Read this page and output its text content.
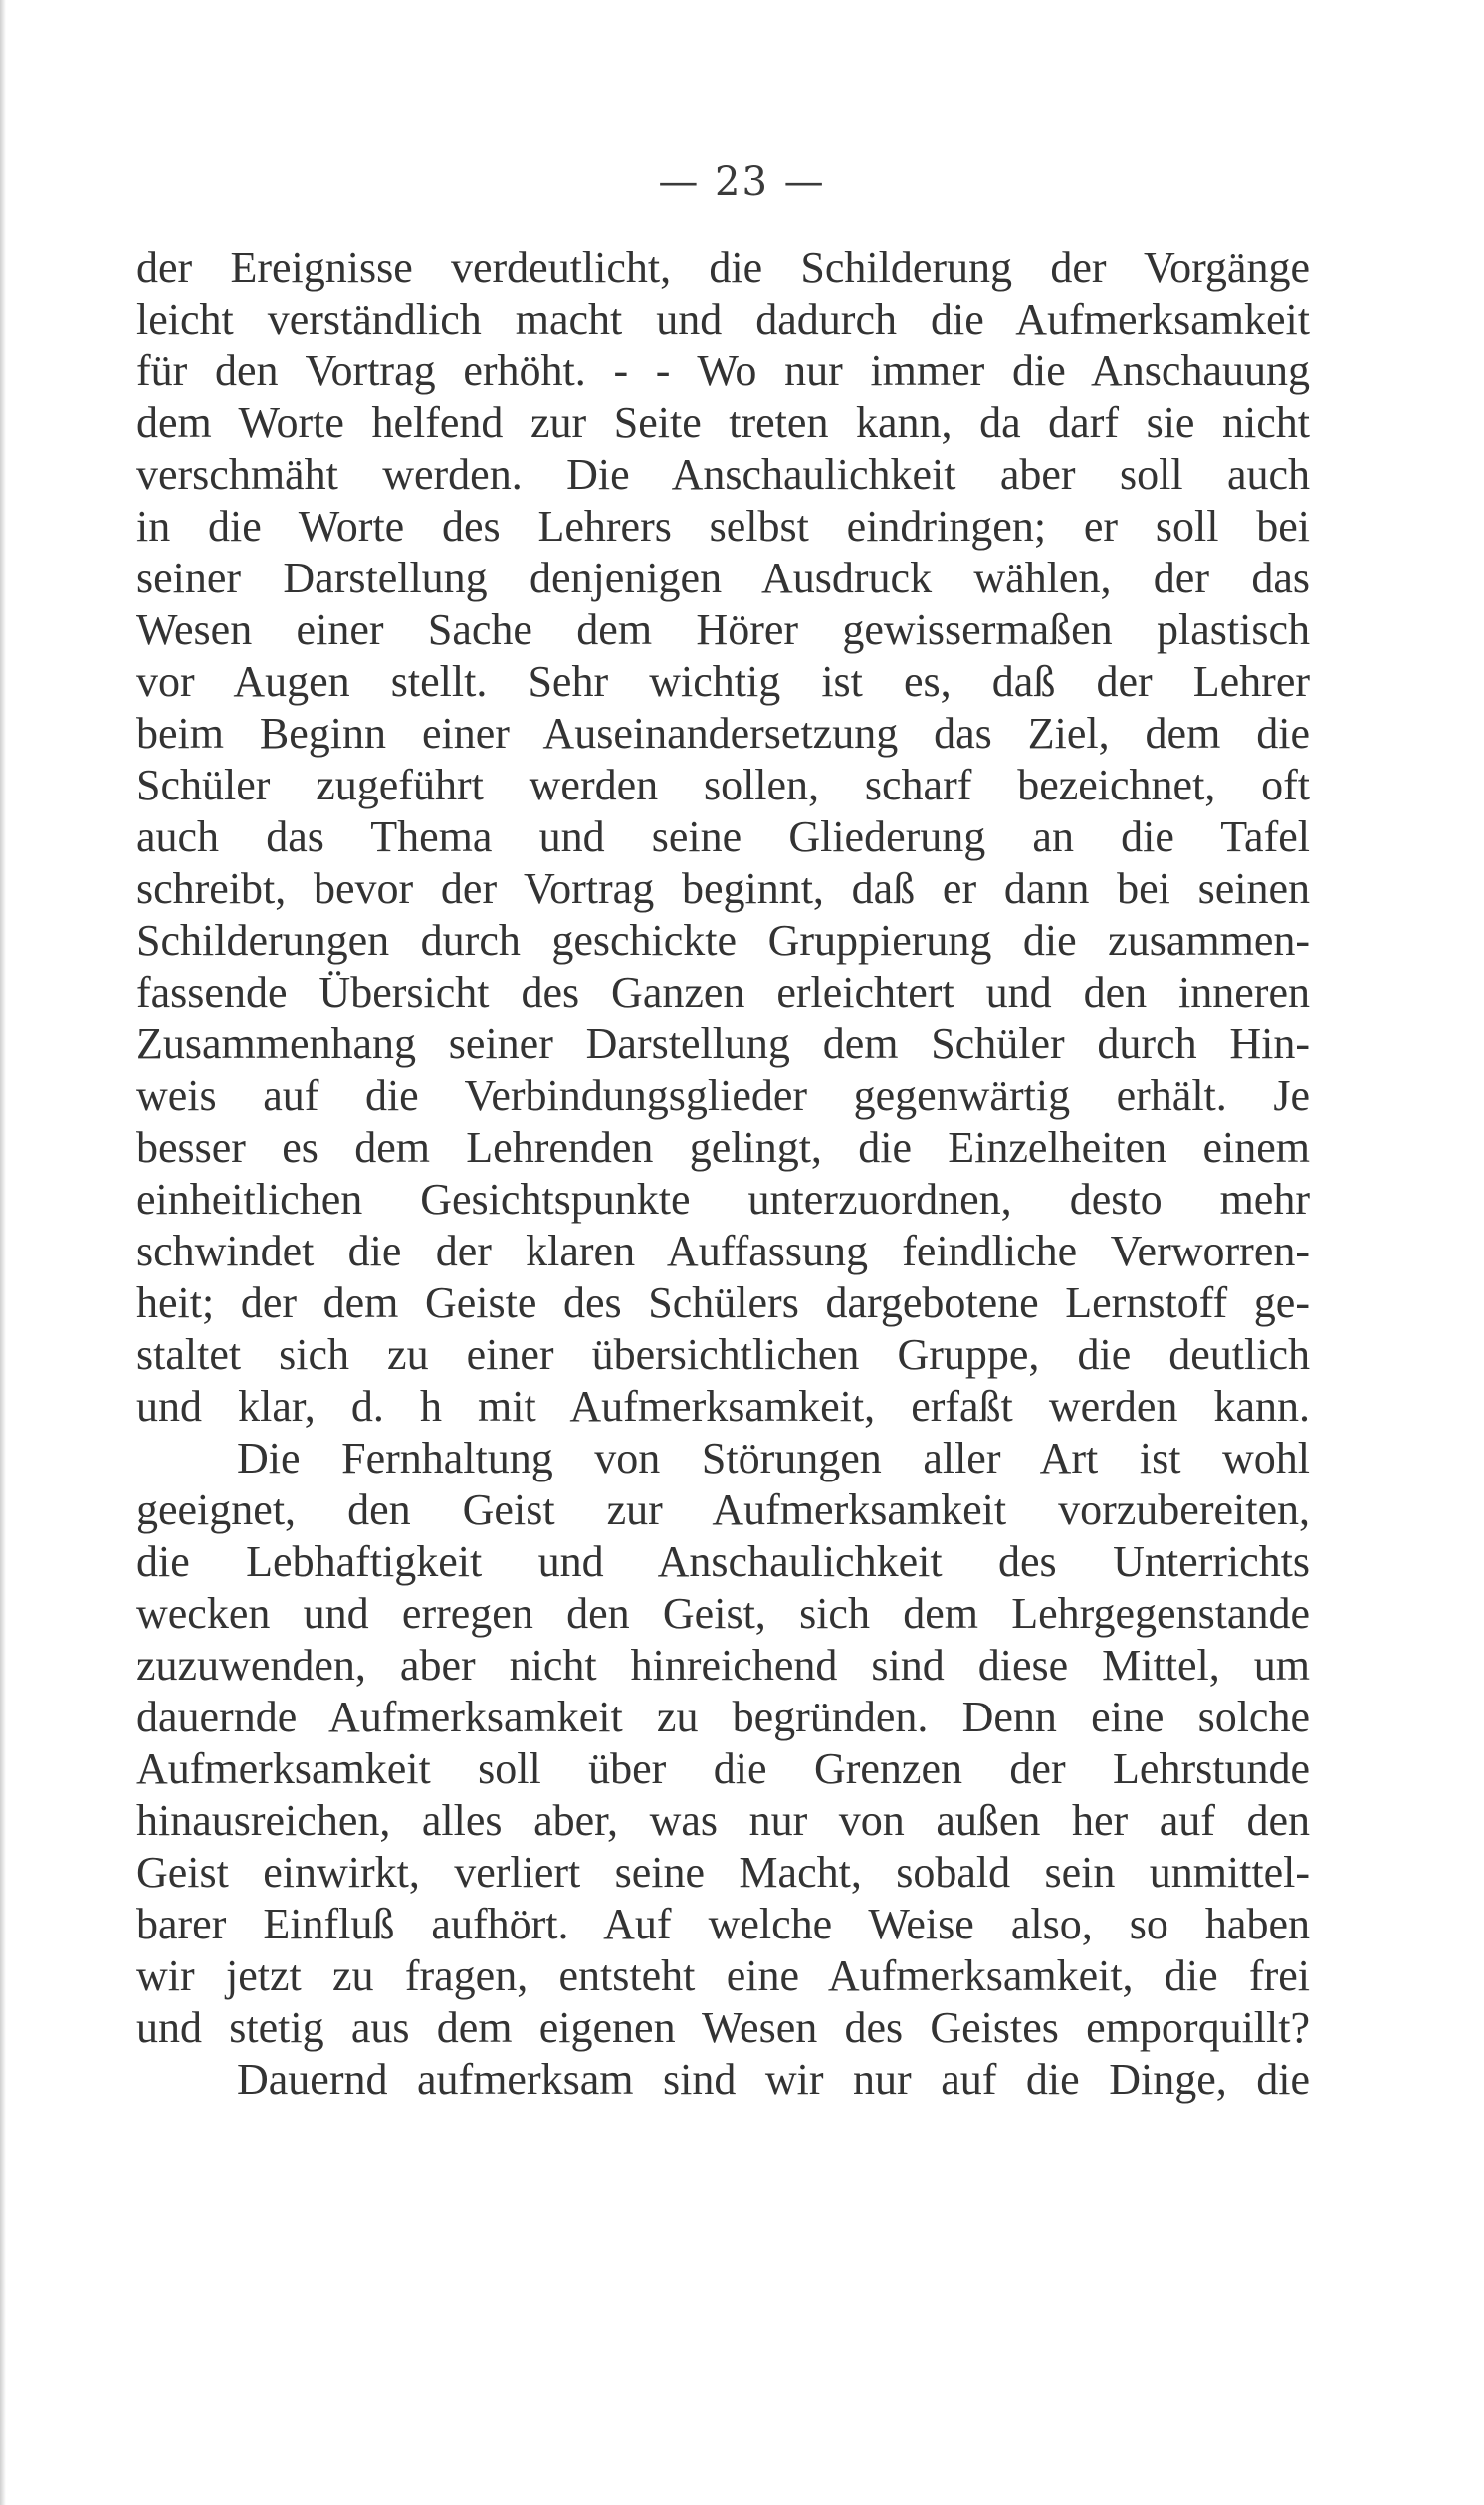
— 23 —
der Ereignisse verdeutlicht, die Schilderung der Vorgänge
leicht verständlich macht und dadurch die Aufmerksamkeit
für den Vortrag erhöht. - - Wo nur immer die Anschauung
dem Worte helfend zur Seite treten kann, da darf sie nicht
verschmäht werden. Die Anschaulichkeit aber soll auch
in die Worte des Lehrers selbst eindringen; er soll bei
seiner Darstellung denjenigen Ausdruck wählen, der das
Wesen einer Sache dem Hörer gewissermaßen plastisch
vor Augen stellt. Sehr wichtig ist es, daß der Lehrer
beim Beginn einer Auseinandersetzung das Ziel, dem die
Schüler zugeführt werden sollen, scharf bezeichnet, oft
auch das Thema und seine Gliederung an die Tafel
schreibt, bevor der Vortrag beginnt, daß er dann bei seinen
Schilderungen durch geschickte Gruppierung die zusammen-
fassende Übersicht des Ganzen erleichtert und den inneren
Zusammenhang seiner Darstellung dem Schüler durch Hin-
weis auf die Verbindungsglieder gegenwärtig erhält. Je
besser es dem Lehrenden gelingt, die Einzelheiten einem
einheitlichen Gesichtspunkte unterzuordnen, desto mehr
schwindet die der klaren Auffassung feindliche Verworren-
heit; der dem Geiste des Schülers dargebotene Lernstoff ge-
staltet sich zu einer übersichtlichen Gruppe, die deutlich
und klar, d. h mit Aufmerksamkeit, erfaßt werden kann.
Die Fernhaltung von Störungen aller Art ist wohl
geeignet, den Geist zur Aufmerksamkeit vorzubereiten,
die Lebhaftigkeit und Anschaulichkeit des Unterrichts
wecken und erregen den Geist, sich dem Lehrgegenstande
zuzuwenden, aber nicht hinreichend sind diese Mittel, um
dauernde Aufmerksamkeit zu begründen. Denn eine solche
Aufmerksamkeit soll über die Grenzen der Lehrstunde
hinausreichen, alles aber, was nur von außen her auf den
Geist einwirkt, verliert seine Macht, sobald sein unmittel-
barer Einfluß aufhört. Auf welche Weise also, so haben
wir jetzt zu fragen, entsteht eine Aufmerksamkeit, die frei
und stetig aus dem eigenen Wesen des Geistes emporquillt?
Dauernd aufmerksam sind wir nur auf die Dinge, die
